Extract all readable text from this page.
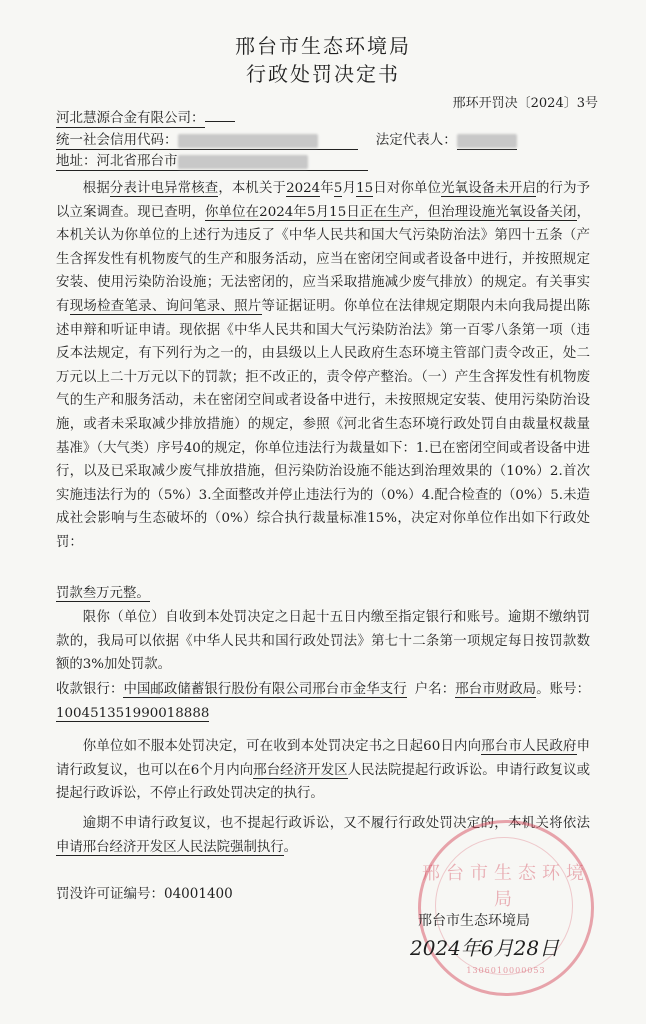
邢台市生态环境局
行政处罚决定书
邢环开罚决〔2024〕3号
河北慧源合金有限公司：
统一社会信用代码：	法定代表人：
地址：河北省邢台市

根据分表计电异常核查，本机关于2024年5月15日对你单位光氧设备未开启的行为予以立案调查。现已查明，你单位在2024年5月15日正在生产，但治理设施光氧设备关闭，本机关认为你单位的上述行为违反了《中华人民共和国大气污染防治法》第四十五条（产生含挥发性有机物废气的生产和服务活动，应当在密闭空间或者设备中进行，并按照规定安装、使用污染防治设施；无法密闭的，应当采取措施减少废气排放）的规定。有关事实有现场检查笔录、询问笔录、照片等证据证明。你单位在法律规定期限内未向我局提出陈述申辩和听证申请。现依据《中华人民共和国大气污染防治法》第一百零八条第一项（违反本法规定，有下列行为之一的，由县级以上人民政府生态环境主管部门责令改正，处二万元以上二十万元以下的罚款；拒不改正的，责令停产整治。（一）产生含挥发性有机物废气的生产和服务活动，未在密闭空间或者设备中进行，未按照规定安装、使用污染防治设施，或者未采取减少排放措施）的规定，参照《河北省生态环境行政处罚自由裁量权裁量基准》（大气类）序号40的规定，你单位违法行为裁量如下：1.已在密闭空间或者设备中进行，以及已采取减少废气排放措施，但污染防治设施不能达到治理效果的（10%）2.首次实施违法行为的（5%）3.全面整改并停止违法行为的（0%）4.配合检查的（0%）5.未造成社会影响与生态破坏的（0%）综合执行裁量标准15%，决定对你单位作出如下行政处罚：

罚款叁万元整。
限你（单位）自收到本处罚决定之日起十五日内缴至指定银行和账号。逾期不缴纳罚款的，我局可以依据《中华人民共和国行政处罚法》第七十二条第一项规定每日按罚款数额的3%加处罚款。
收款银行：中国邮政储蓄银行股份有限公司邢台市金华支行 户名：邢台市财政局。账号：100451351990018888
你单位如不服本处罚决定，可在收到本处罚决定书之日起60日内向邢台市人民政府申请行政复议，也可以在6个月内向邢台经济开发区人民法院提起行政诉讼。申请行政复议或提起行政诉讼，不停止行政处罚决定的执行。
逾期不申请行政复议，也不提起行政诉讼，又不履行行政处罚决定的，本机关将依法申请邢台经济开发区人民法院强制执行。
罚没许可证编号：04001400
邢台市生态环境局
1306010000053
邢台市生态环境局
2024年6月28日
